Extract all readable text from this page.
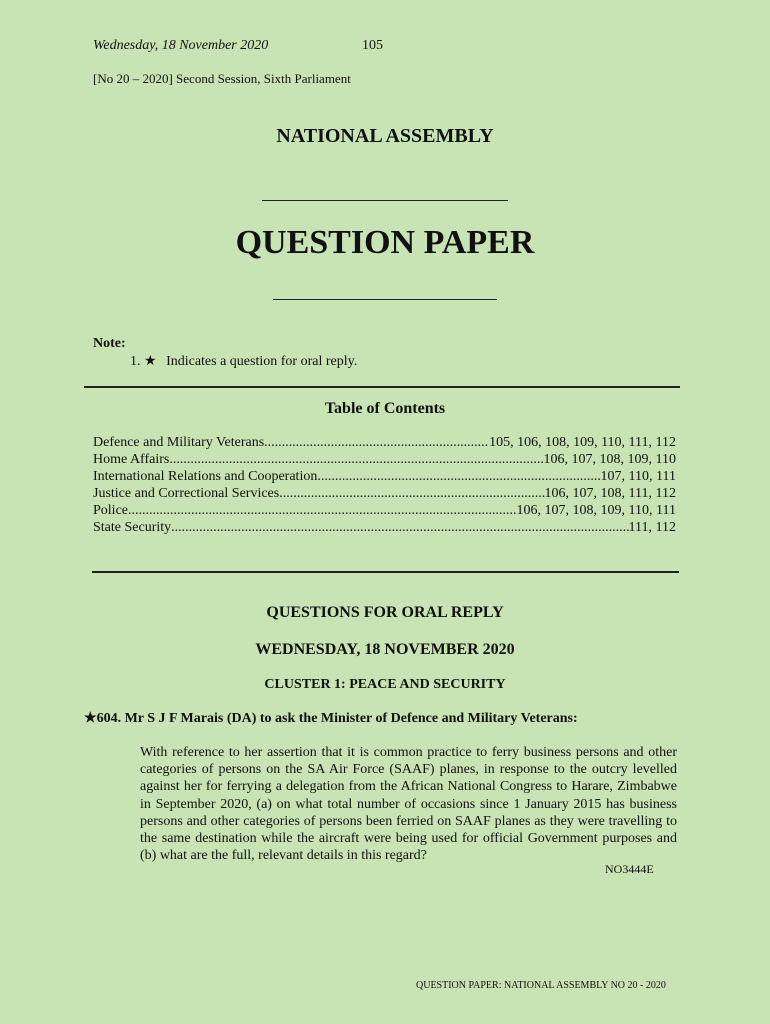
Wednesday, 18 November 2020	105
[No 20 – 2020] Second Session, Sixth Parliament
NATIONAL ASSEMBLY
QUESTION PAPER
Note:
1. ★ Indicates a question for oral reply.
Table of Contents
Defence and Military Veterans .....	105, 106, 108, 109, 110, 111, 112
Home Affairs .....	106, 107, 108, 109, 110
International Relations and Cooperation .....	107, 110, 111
Justice and Correctional Services .....	106, 107, 108, 111, 112
Police .....	106, 107, 108, 109, 110, 111
State Security .....	111, 112
QUESTIONS FOR ORAL REPLY
WEDNESDAY, 18 NOVEMBER 2020
CLUSTER 1: PEACE AND SECURITY
★604. Mr S J F Marais (DA) to ask the Minister of Defence and Military Veterans:
With reference to her assertion that it is common practice to ferry business persons and other categories of persons on the SA Air Force (SAAF) planes, in response to the outcry levelled against her for ferrying a delegation from the African National Congress to Harare, Zimbabwe in September 2020, (a) on what total number of occasions since 1 January 2015 has business persons and other categories of persons been ferried on SAAF planes as they were travelling to the same destination while the aircraft were being used for official Government purposes and (b) what are the full, relevant details in this regard?
NO3444E
QUESTION PAPER: NATIONAL ASSEMBLY NO 20 - 2020
